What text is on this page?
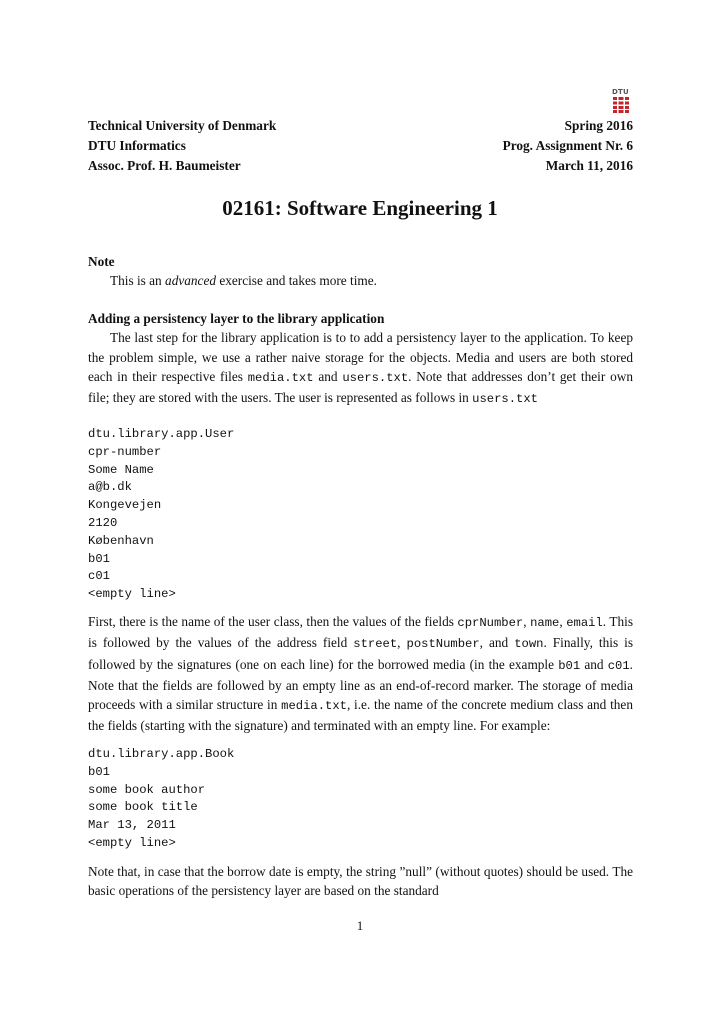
DTU
Technical University of Denmark	Spring 2016
DTU Informatics	Prog. Assignment Nr. 6
Assoc. Prof. H. Baumeister	March 11, 2016
02161: Software Engineering 1
Note
This is an advanced exercise and takes more time.
Adding a persistency layer to the library application
The last step for the library application is to to add a persistency layer to the application. To keep the problem simple, we use a rather naive storage for the objects. Media and users are both stored each in their respective files media.txt and users.txt. Note that addresses don’t get their own file; they are stored with the users. The user is represented as follows in users.txt
dtu.library.app.User
cpr-number
Some Name
a@b.dk
Kongevejen
2120
København
b01
c01
<empty line>
First, there is the name of the user class, then the values of the fields cprNumber, name, email. This is followed by the values of the address field street, postNumber, and town. Finally, this is followed by the signatures (one on each line) for the borrowed media (in the example b01 and c01. Note that the fields are followed by an empty line as an end-of-record marker. The storage of media proceeds with a similar structure in media.txt, i.e. the name of the concrete medium class and then the fields (starting with the signature) and terminated with an empty line. For example:
dtu.library.app.Book
b01
some book author
some book title
Mar 13, 2011
<empty line>
Note that, in case that the borrow date is empty, the string ”null” (without quotes) should be used. The basic operations of the persistency layer are based on the standard
1
